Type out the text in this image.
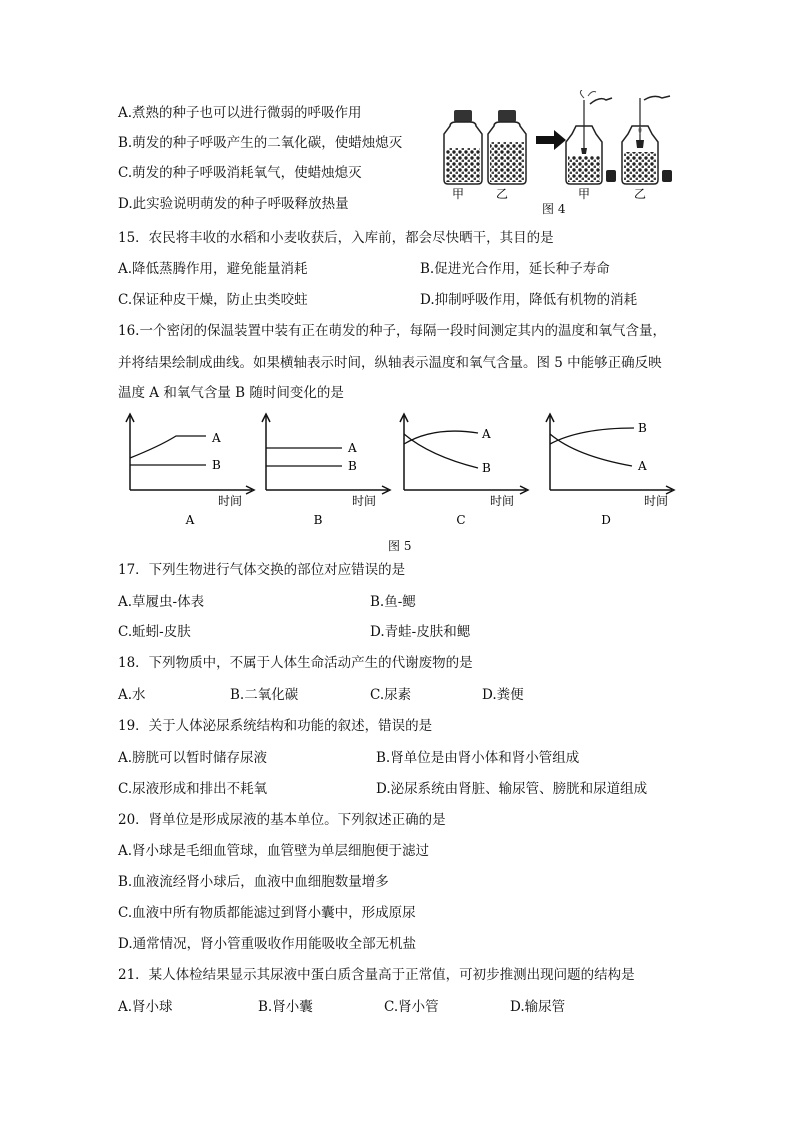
A.煮熟的种子也可以进行微弱的呼吸作用
B.萌发的种子呼吸产生的二氧化碳，使蜡烛熄灭
C.萌发的种子呼吸消耗氧气，使蜡烛熄灭
D.此实验说明萌发的种子呼吸释放热量
甲	乙	甲	乙
图 4
15．农民将丰收的水稻和小麦收获后，入库前，都会尽快晒干，其目的是
A.降低蒸腾作用，避免能量消耗	B.促进光合作用，延长种子寿命
C.保证种皮干燥，防止虫类咬蛀	D.抑制呼吸作用，降低有机物的消耗
16.一个密闭的保温装置中装有正在萌发的种子，每隔一段时间测定其内的温度和氧气含量，
并将结果绘制成曲线。如果横轴表示时间，纵轴表示温度和氧气含量。图 5 中能够正确反映
温度 A 和氧气含量 B 随时间变化的是
A
B
时间
A
A
B
时间
B
A
B
时间
C
B
A
时间
D
图 5
17．下列生物进行气体交换的部位对应错误的是
A.草履虫-体表	B.鱼-鳃
C.蚯蚓-皮肤	D.青蛙-皮肤和鳃
18．下列物质中，不属于人体生命活动产生的代谢废物的是
A.水	B.二氧化碳	C.尿素	D.粪便
19．关于人体泌尿系统结构和功能的叙述，错误的是
A.膀胱可以暂时储存尿液	B.肾单位是由肾小体和肾小管组成
C.尿液形成和排出不耗氧	D.泌尿系统由肾脏、输尿管、膀胱和尿道组成
20．肾单位是形成尿液的基本单位。下列叙述正确的是
A.肾小球是毛细血管球，血管壁为单层细胞便于滤过
B.血液流经肾小球后，血液中血细胞数量增多
C.血液中所有物质都能滤过到肾小囊中，形成原尿
D.通常情况，肾小管重吸收作用能吸收全部无机盐
21．某人体检结果显示其尿液中蛋白质含量高于正常值，可初步推测出现问题的结构是
A.肾小球	B.肾小囊	C.肾小管	D.输尿管
